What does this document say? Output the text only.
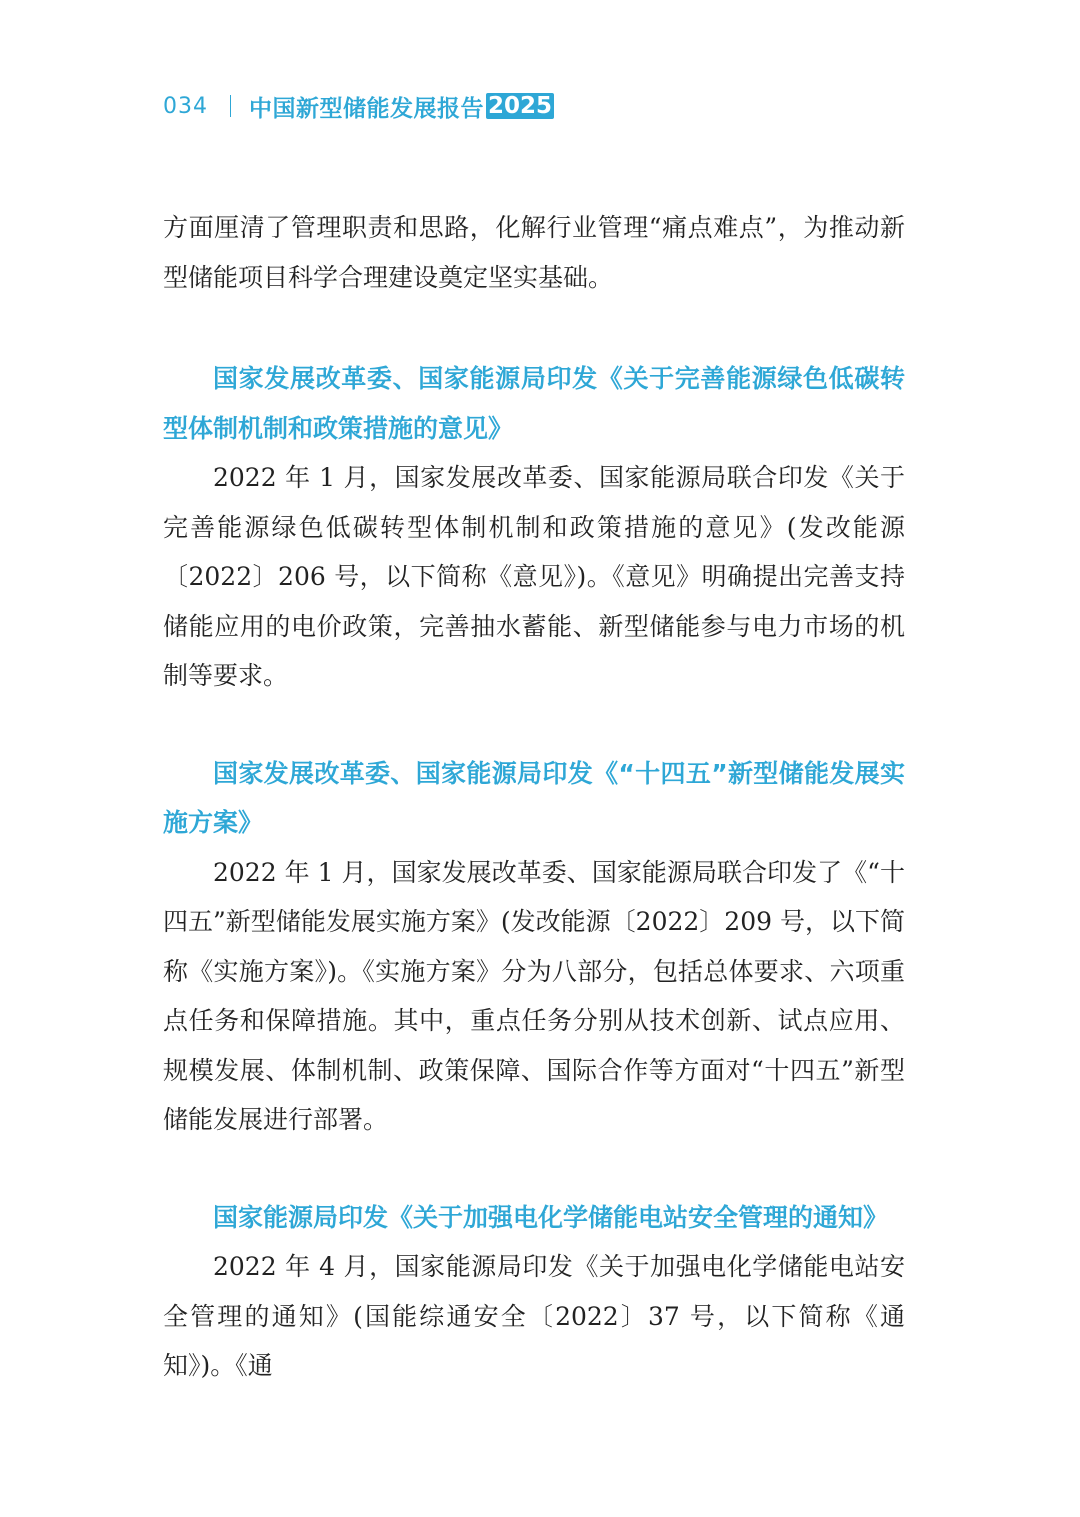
034 中国新型储能发展报告 2025

方面厘清了管理职责和思路，化解行业管理“痛点难点”，为推动新型储能项目科学合理建设奠定坚实基础。

国家发展改革委、国家能源局印发《关于完善能源绿色低碳转型体制机制和政策措施的意见》

2022 年 1 月，国家发展改革委、国家能源局联合印发《关于完善能源绿色低碳转型体制机制和政策措施的意见》(发改能源〔2022〕206 号，以下简称《意见》)。《意见》明确提出完善支持储能应用的电价政策，完善抽水蓄能、新型储能参与电力市场的机制等要求。

国家发展改革委、国家能源局印发《“十四五”新型储能发展实施方案》

2022 年 1 月，国家发展改革委、国家能源局联合印发了《“十四五”新型储能发展实施方案》(发改能源〔2022〕209 号，以下简称《实施方案》)。《实施方案》分为八部分，包括总体要求、六项重点任务和保障措施。其中，重点任务分别从技术创新、试点应用、规模发展、体制机制、政策保障、国际合作等方面对“十四五”新型储能发展进行部署。

国家能源局印发《关于加强电化学储能电站安全管理的通知》

2022 年 4 月，国家能源局印发《关于加强电化学储能电站安全管理的通知》(国能综通安全〔2022〕37 号，以下简称《通知》)。《通
